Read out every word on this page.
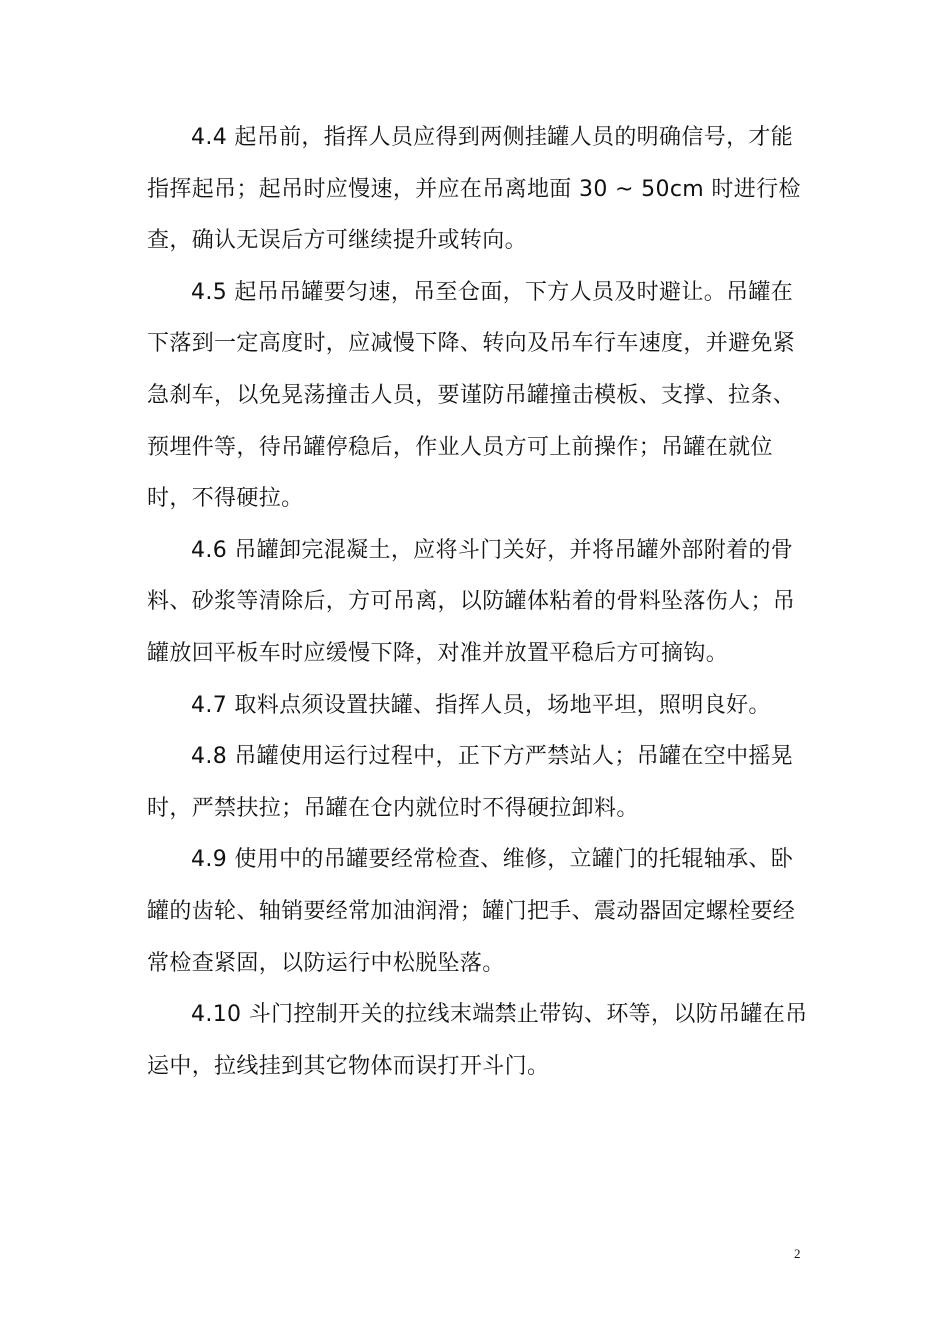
4.4 起吊前，指挥人员应得到两侧挂罐人员的明确信号，才能
指挥起吊；起吊时应慢速，并应在吊离地面 30 ~ 50cm 时进行检
查，确认无误后方可继续提升或转向。
4.5 起吊吊罐要匀速，吊至仓面，下方人员及时避让。吊罐在
下落到一定高度时，应减慢下降、转向及吊车行车速度，并避免紧
急刹车，以免晃荡撞击人员，要谨防吊罐撞击模板、支撑、拉条、
预埋件等，待吊罐停稳后，作业人员方可上前操作；吊罐在就位
时，不得硬拉。
4.6 吊罐卸完混凝土，应将斗门关好，并将吊罐外部附着的骨
料、砂浆等清除后，方可吊离，以防罐体粘着的骨料坠落伤人；吊
罐放回平板车时应缓慢下降，对准并放置平稳后方可摘钩。
4.7 取料点须设置扶罐、指挥人员，场地平坦，照明良好。
4.8 吊罐使用运行过程中，正下方严禁站人；吊罐在空中摇晃
时，严禁扶拉；吊罐在仓内就位时不得硬拉卸料。
4.9 使用中的吊罐要经常检查、维修，立罐门的托辊轴承、卧
罐的齿轮、轴销要经常加油润滑；罐门把手、震动器固定螺栓要经
常检查紧固，以防运行中松脱坠落。
4.10 斗门控制开关的拉线末端禁止带钩、环等，以防吊罐在吊
运中，拉线挂到其它物体而误打开斗门。
2
